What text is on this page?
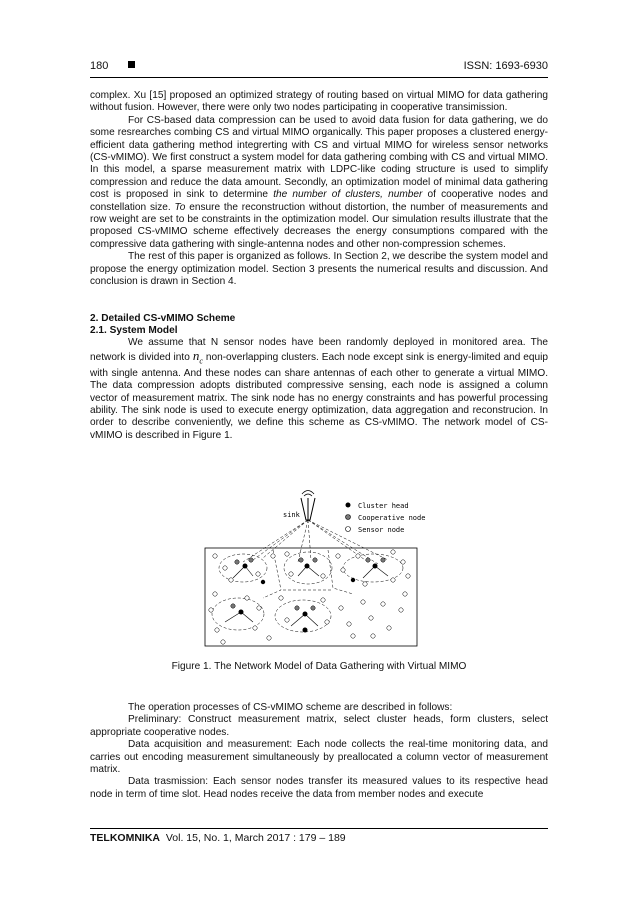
180	ISSN: 1693-6930

complex. Xu [15] proposed an optimized strategy of routing based on virtual MIMO for data gathering without fusion. However, there were only two nodes participating in cooperative transimission.

For CS-based data compression can be used to avoid data fusion for data gathering, we do some resrearches combing CS and virtual MIMO organically. This paper proposes a clustered energy-efficient data gathering method integrerting with CS and virtual MIMO for wireless sensor networks (CS-vMIMO). We first construct a system model for data gathering combing with CS and virtual MIMO. In this model, a sparse measurement matrix with LDPC-like coding structure is used to simplify compression and reduce the data amount. Secondly, an optimization model of minimal data gathering cost is proposed in sink to determine the number of clusters, number of cooperative nodes and constellation size. To ensure the reconstruction without distortion, the number of measurements and row weight are set to be constraints in the optimization model. Our simulation results illustrate that the proposed CS-vMIMO scheme effectively decreases the energy consumptions compared with the compressive data gathering with single-antenna nodes and other non-compression schemes.

The rest of this paper is organized as follows. In Section 2, we describe the system model and propose the energy optimization model. Section 3 presents the numerical results and discussion. And conclusion is drawn in Section 4.

2. Detailed CS-vMIMO Scheme

2.1. System Model

We assume that N sensor nodes have been randomly deployed in monitored area. The network is divided into $n_c$ non-overlapping clusters. Each node except sink is energy-limited and equip with single antenna. And these nodes can share antennas of each other to generate a virtual MIMO. The data compression adopts distributed compressive sensing, each node is assigned a column vector of measurement matrix. The sink node has no energy constraints and has powerful processing ability. The sink node is used to execute energy optimization, data aggregation and reconstrucion. In order to describe conveniently, we define this scheme as CS-vMIMO. The network model of CS-vMIMO is described in Figure 1.

sink
Cluster head
Cooperative node
Sensor node
Figure 1. The Network Model of Data Gathering with Virtual MIMO

The operation processes of CS-vMIMO scheme are described in follows:

Preliminary: Construct measurement matrix, select cluster heads, form clusters, select appropriate cooperative nodes.

Data acquisition and measurement: Each node collects the real-time monitoring data, and carries out encoding measurement simultaneously by preallocated a column vector of measurement matrix.

Data trasmission: Each sensor nodes transfer its measured values to its respective head node in term of time slot. Head nodes receive the data from member nodes and execute

TELKOMNIKA Vol. 15, No. 1, March 2017 : 179 – 189
